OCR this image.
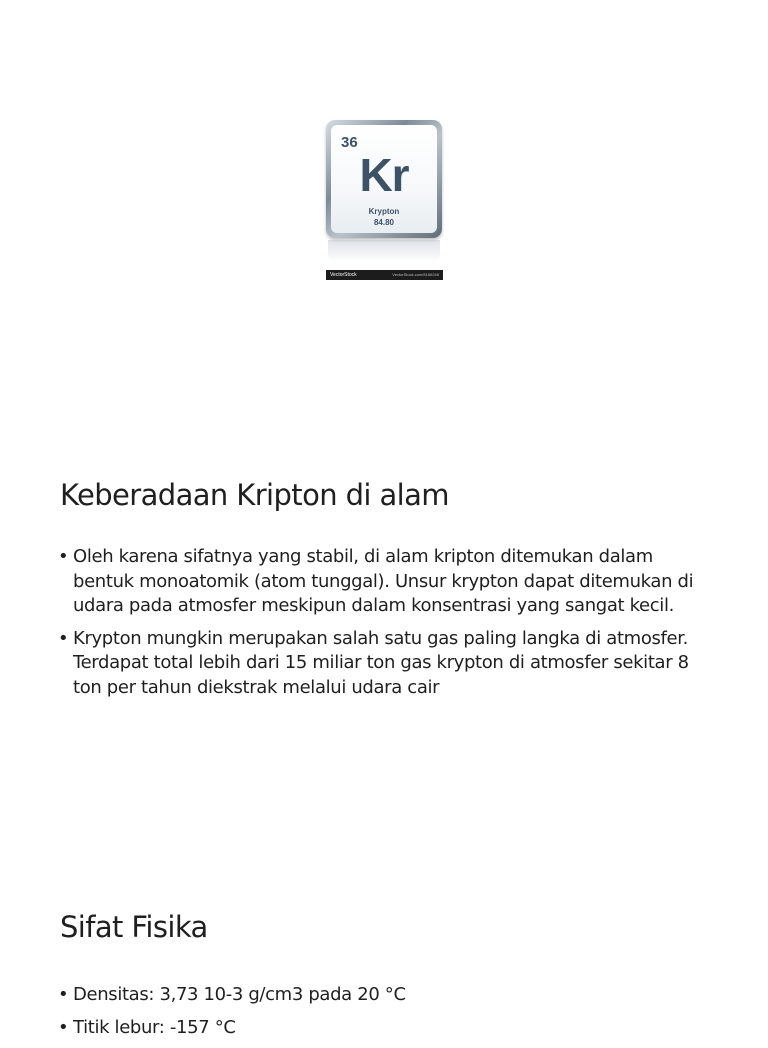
36
Kr
Krypton
84.80
VectorStock	VectorStock.com/8166248
Keberadaan Kripton di alam
• Oleh karena sifatnya yang stabil, di alam kripton ditemukan dalam bentuk monoatomik (atom tunggal). Unsur krypton dapat ditemukan di udara pada atmosfer meskipun dalam konsentrasi yang sangat kecil.
• Krypton mungkin merupakan salah satu gas paling langka di atmosfer. Terdapat total lebih dari 15 miliar ton gas krypton di atmosfer sekitar 8 ton per tahun diekstrak melalui udara cair
Sifat Fisika
• Densitas: 3,73 10-3 g/cm3 pada 20 °C
• Titik lebur: -157 °C
